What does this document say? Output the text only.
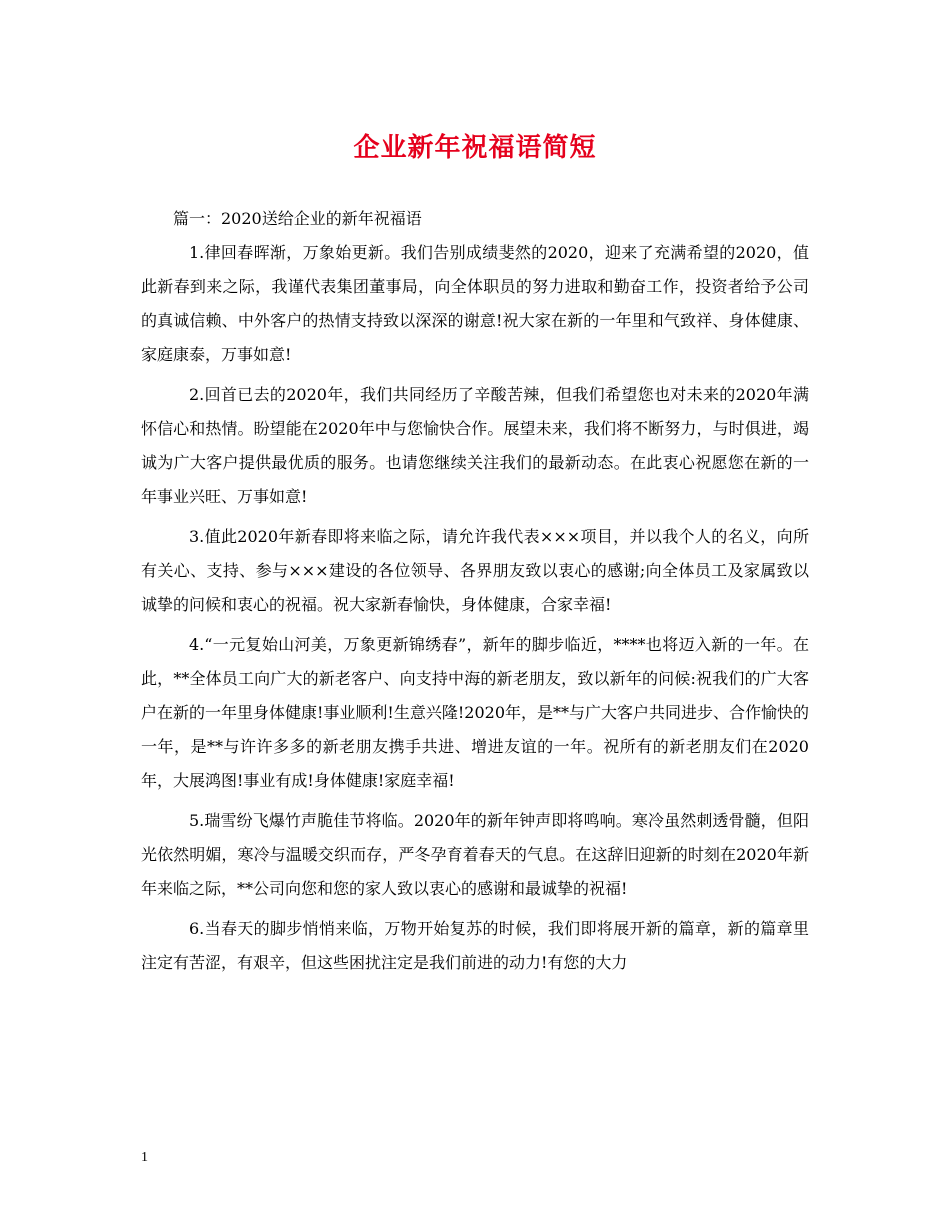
企业新年祝福语简短

篇一：2020送给企业的新年祝福语

1.律回春晖渐，万象始更新。我们告别成绩斐然的2020，迎来了充满希望的2020，值此新春到来之际，我谨代表集团董事局，向全体职员的努力进取和勤奋工作，投资者给予公司的真诚信赖、中外客户的热情支持致以深深的谢意!祝大家在新的一年里和气致祥、身体健康、家庭康泰，万事如意!

2.回首已去的2020年，我们共同经历了辛酸苦辣，但我们希望您也对未来的2020年满怀信心和热情。盼望能在2020年中与您愉快合作。展望未来，我们将不断努力，与时俱进，竭诚为广大客户提供最优质的服务。也请您继续关注我们的最新动态。在此衷心祝愿您在新的一年事业兴旺、万事如意!

3.值此2020年新春即将来临之际，请允许我代表×××项目，并以我个人的名义，向所有关心、支持、参与×××建设的各位领导、各界朋友致以衷心的感谢;向全体员工及家属致以诚挚的问候和衷心的祝福。祝大家新春愉快，身体健康，合家幸福!

4.“一元复始山河美，万象更新锦绣春”，新年的脚步临近，****也将迈入新的一年。在此，**全体员工向广大的新老客户、向支持中海的新老朋友，致以新年的问候:祝我们的广大客户在新的一年里身体健康!事业顺利!生意兴隆!2020年，是**与广大客户共同进步、合作愉快的一年，是**与许许多多的新老朋友携手共进、增进友谊的一年。祝所有的新老朋友们在2020年，大展鸿图!事业有成!身体健康!家庭幸福!

5.瑞雪纷飞爆竹声脆佳节将临。2020年的新年钟声即将鸣响。寒冷虽然刺透骨髓，但阳光依然明媚，寒冷与温暖交织而存，严冬孕育着春天的气息。在这辞旧迎新的时刻在2020年新年来临之际，**公司向您和您的家人致以衷心的感谢和最诚挚的祝福!

6.当春天的脚步悄悄来临，万物开始复苏的时候，我们即将展开新的篇章，新的篇章里注定有苦涩，有艰辛，但这些困扰注定是我们前进的动力!有您的大力

1
